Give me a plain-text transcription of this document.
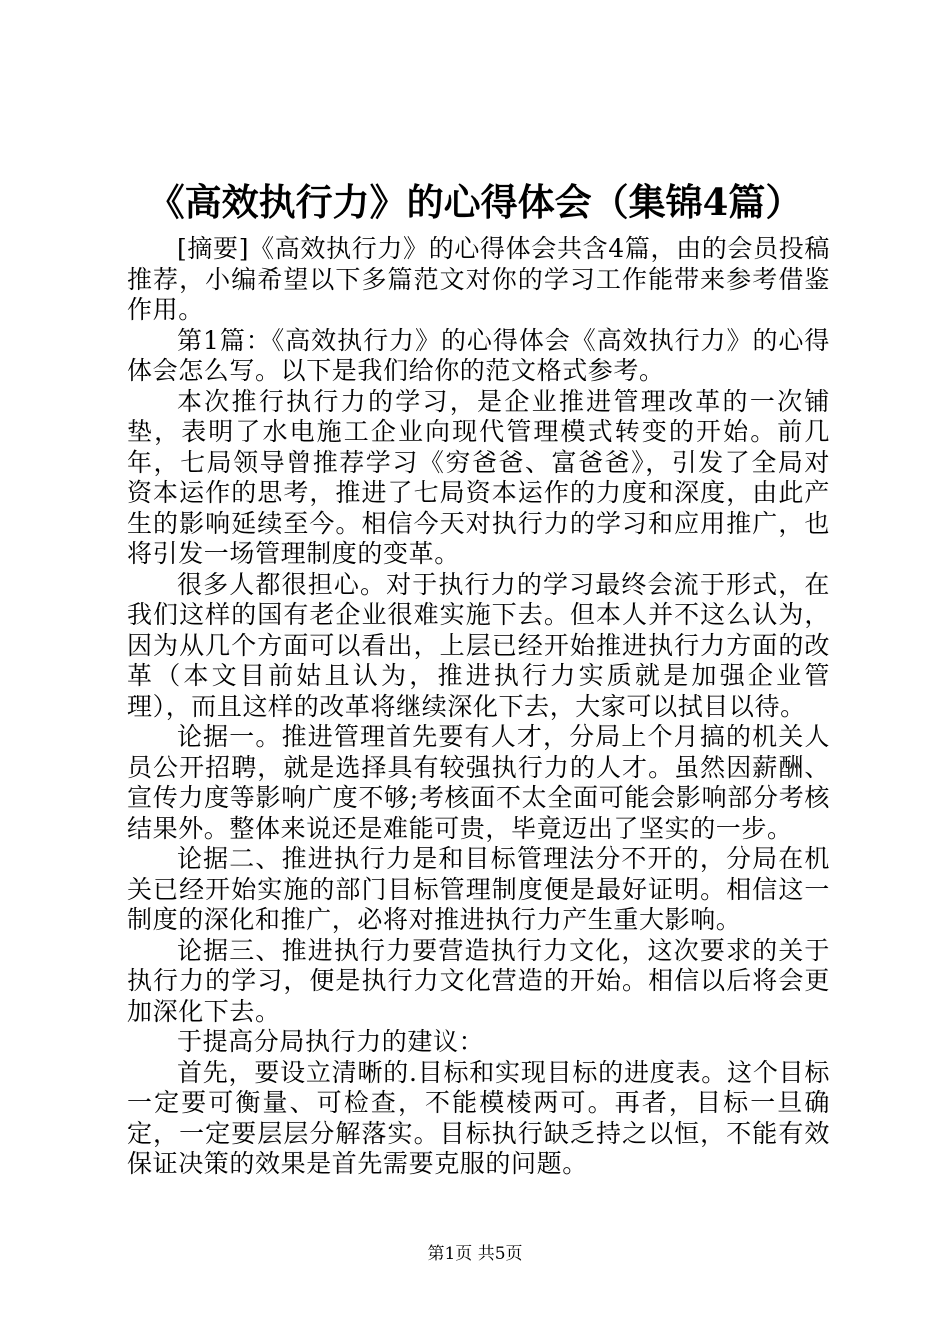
《高效执行力》的心得体会（集锦4篇）

[摘要]《高效执行力》的心得体会共含4篇，由的会员投稿推荐，小编希望以下多篇范文对你的学习工作能带来参考借鉴作用。

第1篇：《高效执行力》的心得体会《高效执行力》的心得体会怎么写。以下是我们给你的范文格式参考。

本次推行执行力的学习，是企业推进管理改革的一次铺垫，表明了水电施工企业向现代管理模式转变的开始。前几年，七局领导曾推荐学习《穷爸爸、富爸爸》，引发了全局对资本运作的思考，推进了七局资本运作的力度和深度，由此产生的影响延续至今。相信今天对执行力的学习和应用推广，也将引发一场管理制度的变革。

很多人都很担心。对于执行力的学习最终会流于形式，在我们这样的国有老企业很难实施下去。但本人并不这么认为，因为从几个方面可以看出，上层已经开始推进执行力方面的改革（本文目前姑且认为，推进执行力实质就是加强企业管理），而且这样的改革将继续深化下去，大家可以拭目以待。

论据一。推进管理首先要有人才，分局上个月搞的机关人员公开招聘，就是选择具有较强执行力的人才。虽然因薪酬、宣传力度等影响广度不够;考核面不太全面可能会影响部分考核结果外。整体来说还是难能可贵，毕竟迈出了坚实的一步。

论据二、推进执行力是和目标管理法分不开的，分局在机关已经开始实施的部门目标管理制度便是最好证明。相信这一制度的深化和推广，必将对推进执行力产生重大影响。

论据三、推进执行力要营造执行力文化，这次要求的关于执行力的学习，便是执行力文化营造的开始。相信以后将会更加深化下去。

于提高分局执行力的建议：

首先，要设立清晰的.目标和实现目标的进度表。这个目标一定要可衡量、可检查，不能模棱两可。再者，目标一旦确定，一定要层层分解落实。目标执行缺乏持之以恒，不能有效保证决策的效果是首先需要克服的问题。

第1页 共5页
